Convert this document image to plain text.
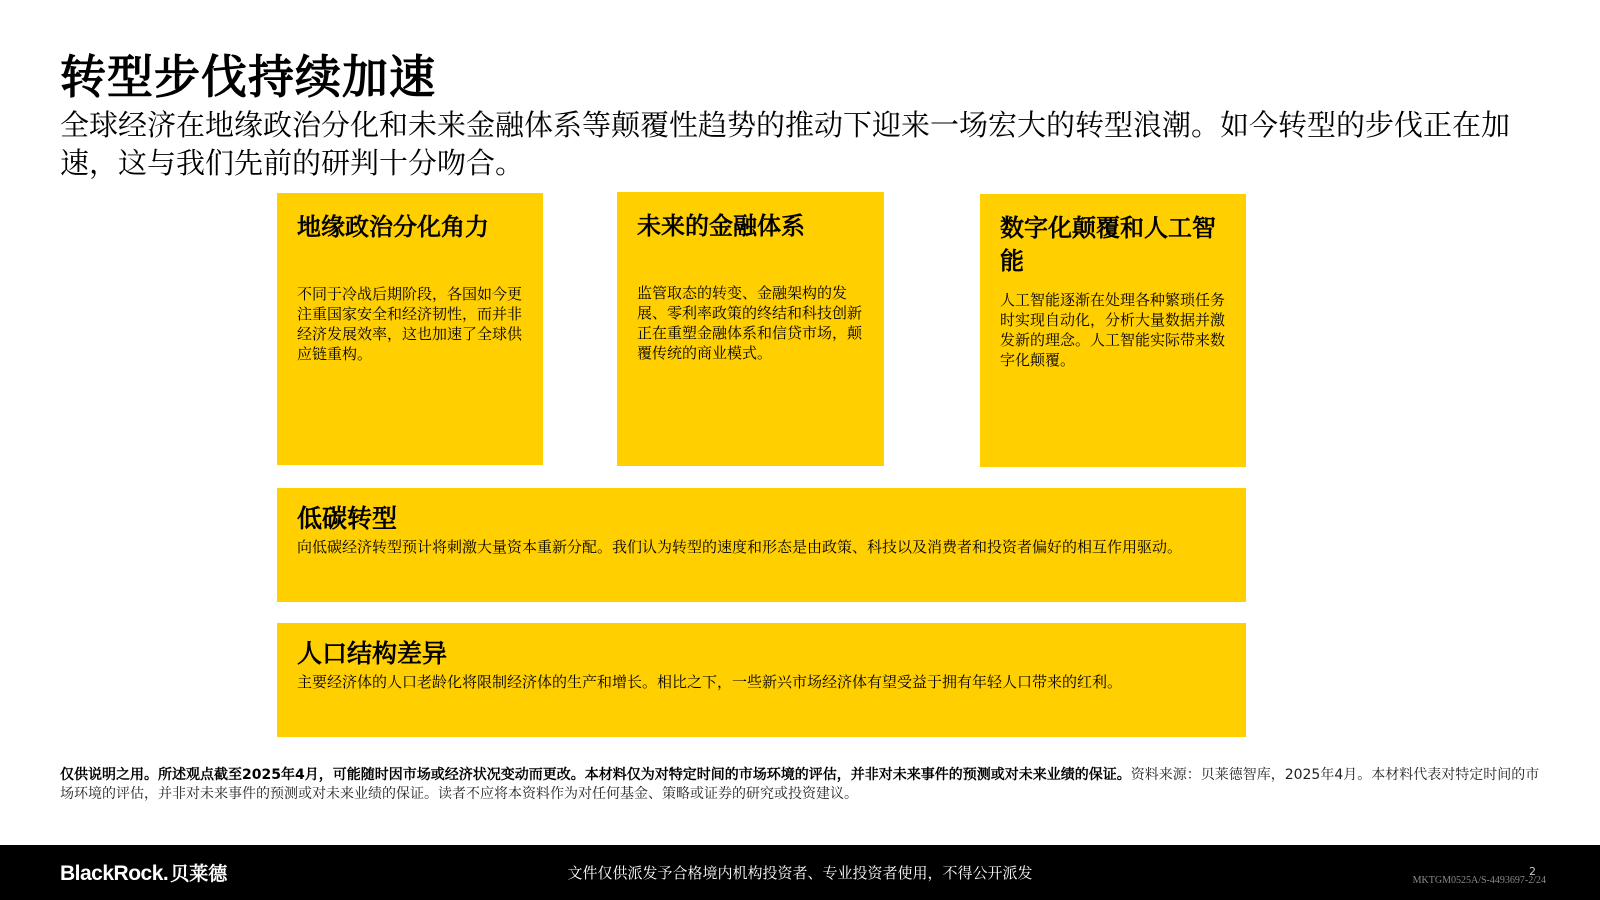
转型步伐持续加速
全球经济在地缘政治分化和未来金融体系等颠覆性趋势的推动下迎来一场宏大的转型浪潮。如今转型的步伐正在加速，这与我们先前的研判十分吻合。
地缘政治分化角力
不同于冷战后期阶段，各国如今更注重国家安全和经济韧性，而并非经济发展效率，这也加速了全球供应链重构。
未来的金融体系
监管取态的转变、金融架构的发展、零利率政策的终结和科技创新正在重塑金融体系和信贷市场，颠覆传统的商业模式。
数字化颠覆和人工智能
人工智能逐渐在处理各种繁琐任务时实现自动化，分析大量数据并激发新的理念。人工智能实际带来数字化颠覆。
低碳转型
向低碳经济转型预计将刺激大量资本重新分配。我们认为转型的速度和形态是由政策、科技以及消费者和投资者偏好的相互作用驱动。
人口结构差异
主要经济体的人口老龄化将限制经济体的生产和增长。相比之下，一些新兴市场经济体有望受益于拥有年轻人口带来的红利。
仅供说明之用。所述观点截至2025年4月，可能随时因市场或经济状况变动而更改。本材料仅为对特定时间的市场环境的评估，并非对未来事件的预测或对未来业绩的保证。资料来源：贝莱德智库，2025年4月。本材料代表对特定时间的市场环境的评估，并非对未来事件的预测或对未来业绩的保证。读者不应将本资料作为对任何基金、策略或证券的研究或投资建议。
BlackRock. 贝莱德	文件仅供派发予合格境内机构投资者、专业投资者使用，不得公开派发	2
MKTGM0525A/S-4493697-2/24
